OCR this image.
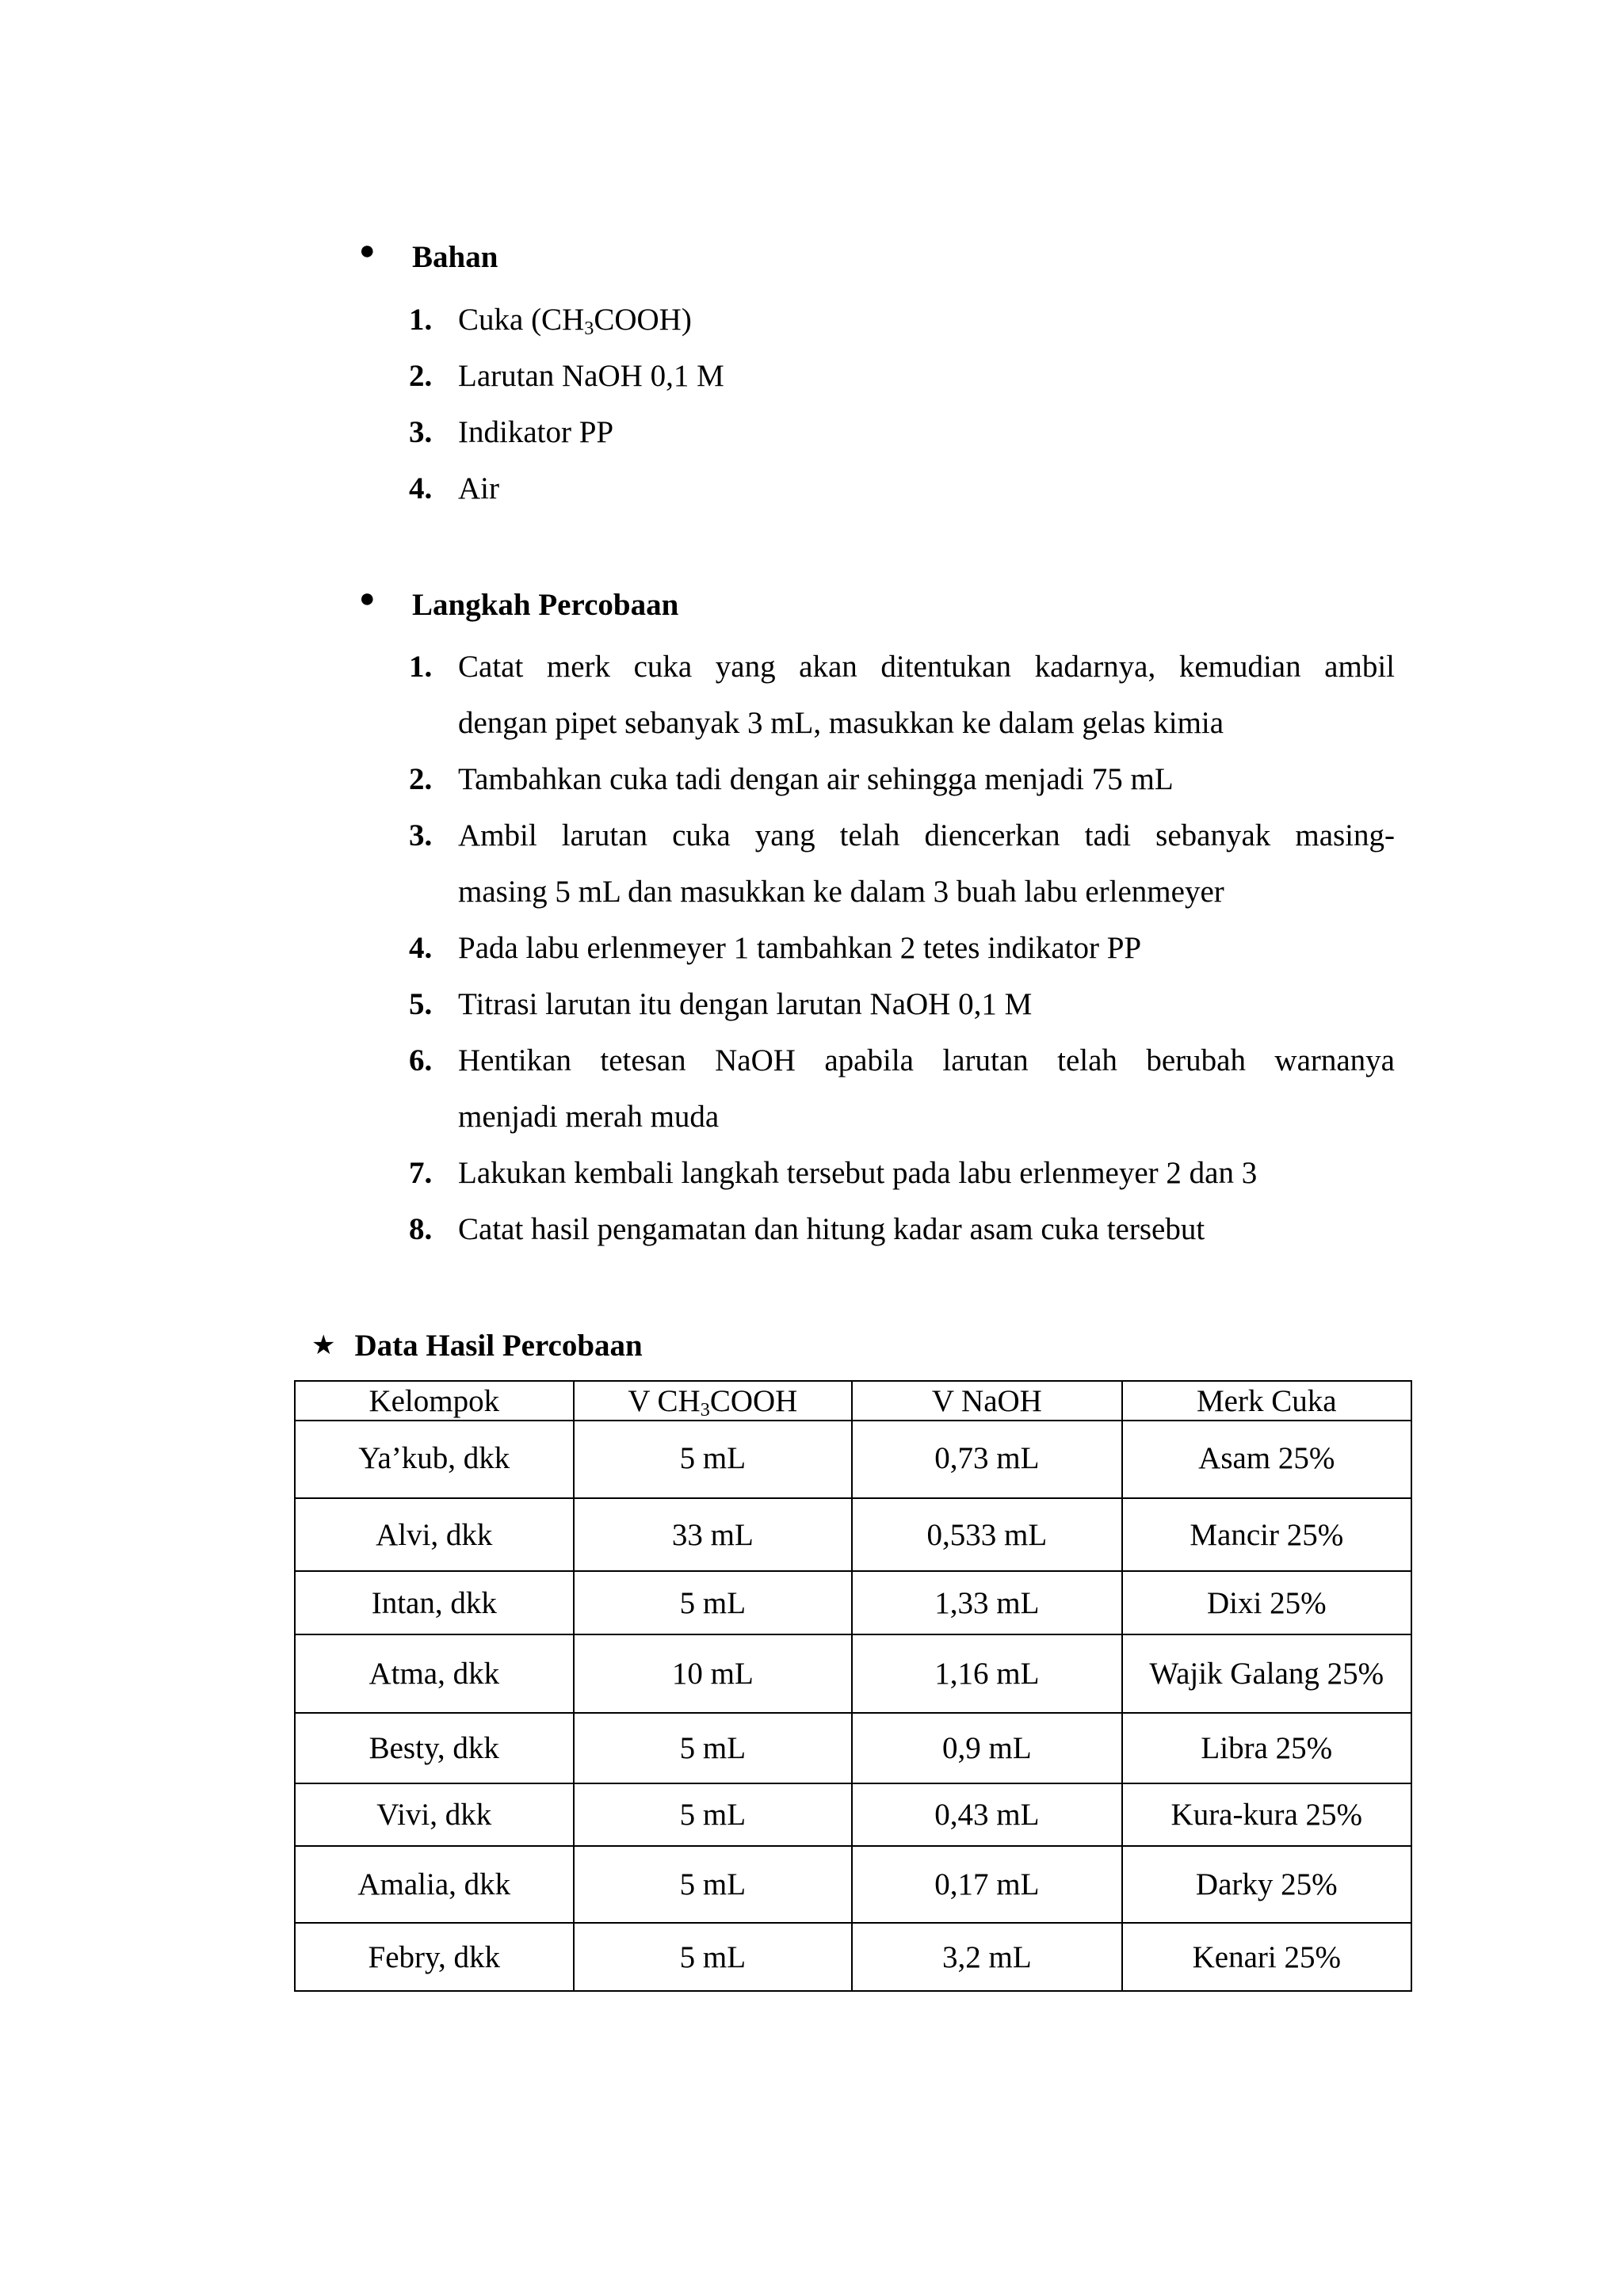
● Bahan
1. Cuka $(CH_3COOH)$
2. Larutan NaOH 0,1 M
3. Indikator PP
4. Air
● Langkah Percobaan
1. Catat merk cuka yang akan ditentukan kadarnya, kemudian ambil
dengan pipet sebanyak 3 mL, masukkan ke dalam gelas kimia
2. Tambahkan cuka tadi dengan air sehingga menjadi 75 mL
3. Ambil larutan cuka yang telah diencerkan tadi sebanyak masing-
masing 5 mL dan masukkan ke dalam 3 buah labu erlenmeyer
4. Pada labu erlenmeyer 1 tambahkan 2 tetes indikator PP
5. Titrasi larutan itu dengan larutan NaOH 0,1 M
6. Hentikan tetesan NaOH apabila larutan telah berubah warnanya
menjadi merah muda
7. Lakukan kembali langkah tersebut pada labu erlenmeyer 2 dan 3
8. Catat hasil pengamatan dan hitung kadar asam cuka tersebut
★ Data Hasil Percobaan
Kelompok	V $CH_3COOH$	V NaOH	Merk Cuka
Ya’kub, dkk	5 mL	0,73 mL	Asam 25%
Alvi, dkk	33 mL	0,533 mL	Mancir 25%
Intan, dkk	5 mL	1,33 mL	Dixi 25%
Atma, dkk	10 mL	1,16 mL	Wajik Galang 25%
Besty, dkk	5 mL	0,9 mL	Libra 25%
Vivi, dkk	5 mL	0,43 mL	Kura-kura 25%
Amalia, dkk	5 mL	0,17 mL	Darky 25%
Febry, dkk	5 mL	3,2 mL	Kenari 25%
